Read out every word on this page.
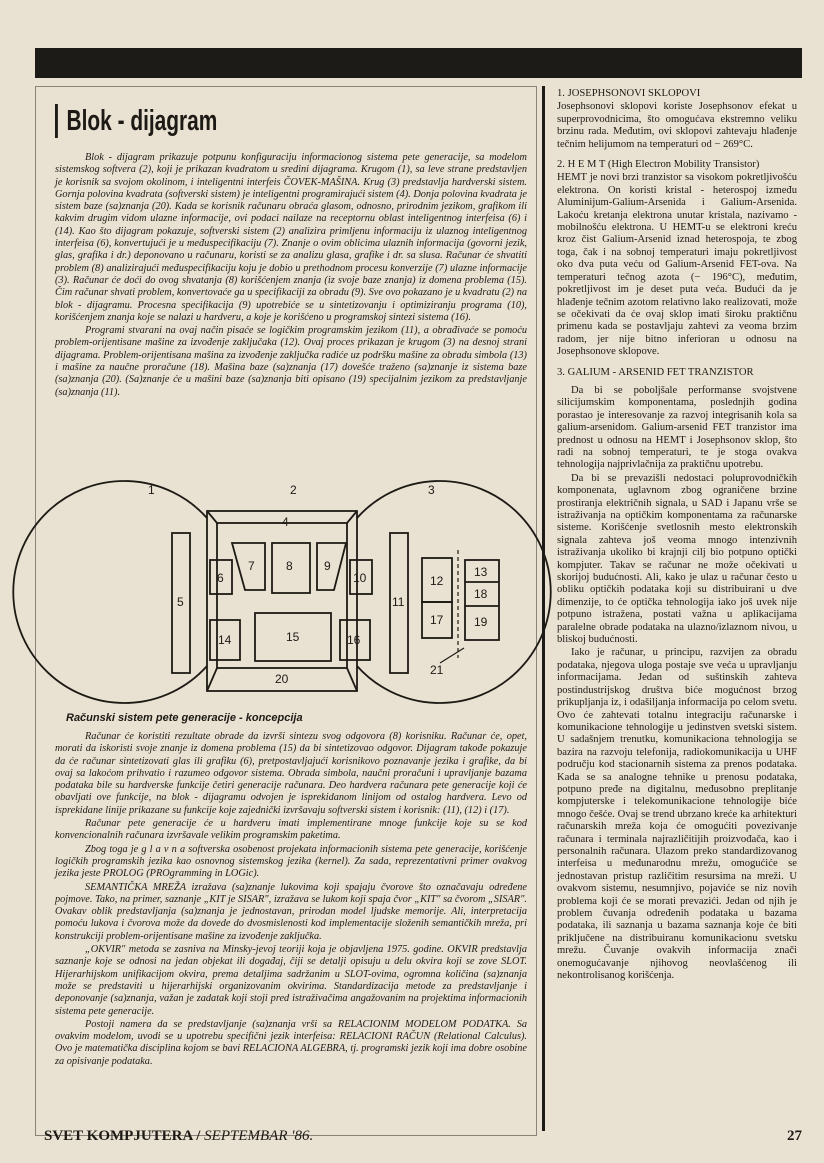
Blok - dijagram

Blok - dijagram prikazuje potpunu konfiguraciju informacionog sistema pete generacije, sa modelom sistemskog softvera (2), koji je prikazan kvadratom u sredini dijagrama. Krugom (1), sa leve strane predstavljen je korisnik sa svojom okolinom, i inteligentni interfeis ČOVEK-MAŠINA. Krug (3) predstavlja hardverski sistem. Gornja polovina kvadrata (softverski sistem) je inteligentni programirajući sistem (4). Donja polovina kvadrata je sistem baze (sa)znanja (20). Kada se korisnik računaru obraća glasom, odnosno, prirodnim jezikom, grafikom ili kakvim drugim vidom ulazne informacije, ovi podaci nailaze na receptornu oblast inteligentnog interfeisa (6) i (14). Kao što dijagram pokazuje, softverski sistem (2) analizira primljenu informaciju iz ulaznog inteligentnog interfeisa (6), konvertujući je u međuspecifikaciju (7). Znanje o ovim oblicima ulaznih informacija (govorni jezik, glas, grafika i dr.) deponovano u računaru, koristi se za analizu glasa, grafike i dr. sa slusa. Računar će shvatiti problem (8) analizirajući međuspecifikaciju koju je dobio u prethodnom procesu konverzije (7) ulazne informacije (3). Računar će doći do ovog shvatanja (8) korišćenjem znanja (iz svoje baze znanja) iz domena problema (15). Čim računar shvati problem, konvertovaće ga u specifikaciji za obradu (9). Sve ovo pokazano je u kvadratu (2) na blok - dijagramu. Procesna specifikacija (9) upotrebiće se u sintetizovanju i optimiziranju programa (10), korišćenjem znanja koje se nalazi u hardveru, a koje je korišćeno u programskoj sintezi sistema (16).

Programi stvarani na ovaj način pisaće se logičkim programskim jezikom (11), a obrađivaće se pomoću problem-orijentisane mašine za izvođenje zaključaka (12). Ovaj proces prikazan je krugom (3) na desnoj strani dijagrama. Problem-orijentisana mašina za izvođenje zaključka radiće uz podršku mašine za obradu simbola (13) i mašine za naučne proračune (18). Mašina baze (sa)znanja (17) dovešće traženo (sa)znanje iz sistema baze (sa)znanja (20). (Sa)znanje će u mašini baze (sa)znanja biti opisano (19) specijalnim jezikom za predstavljanje (sa)znanja (11).

1	2	3
4
5
6
7	8	9
10
11
12
13
14	15	16
17
18
19
20
21
Računski sistem pete generacije - koncepcija

Računar će koristiti rezultate obrade da izvrši sintezu svog odgovora (8) korisniku. Računar će, opet, morati da iskoristi svoje znanje iz domena problema (15) da bi sintetizovao odgovor. Dijagram takođe pokazuje da će računar sintetizovati glas ili grafiku (6), pretpostavljajući korisnikovo poznavanje jezika i grafike, da bi ovaj sa lakoćom prihvatio i razumeo odgovor sistema. Obrada simbola, naučni proračuni i upravljanje bazama podataka bile su hardverske funkcije četiri generacije računara. Deo hardvera računara pete generacije koji će obavljati ove funkcije, na blok - dijagramu odvojen je isprekidanom linijom od ostalog hardvera. Levo od isprekidane linije prikazane su funkcije koje zajednički izvršavaju softverski sistem i korisnik: (11), (12) i (17).

Računar pete generacije će u hardveru imati implementirane mnoge funkcije koje su se kod konvencionalnih računara izvršavale velikim programskim paketima.

Zbog toga je g l a v n a softverska osobenost projekata informacionih sistema pete generacije, korišćenje logičkih programskih jezika kao osnovnog sistemskog jezika (kernel). Za sada, reprezentativni primer ovakvog jezika jeste PROLOG (PROgramming in LOGic).

SEMANTIČKA MREŽA izražava (sa)znanje lukovima koji spajaju čvorove što označavaju određene pojmove. Tako, na primer, saznanje „KIT je SISAR", izražava se lukom koji spaja čvor „KIT" sa čvorom „SISAR". Ovakav oblik predstavljanja (sa)znanja je jednostavan, prirodan model ljudske memorije. Ali, interpretacija pomoću lukova i čvorova može da dovede do dvosmislenosti kod implementacije složenih semantičkih mreža, pri konstrukciji problem-orijentisane mašine za izvođenje zaključka.

„OKVIR" metoda se zasniva na Minsky-jevoj teoriji koja je objavljena 1975. godine. OKVIR predstavlja saznanje koje se odnosi na jedan objekat ili događaj, čiji se detalji opisuju u delu okvira koji se zove SLOT. Hijerarhijskom unifikacijom okvira, prema detaljima sadržanim u SLOT-ovima, ogromna količina (sa)znanja može se predstaviti u hijerarhijski organizovanim okvirima. Standardizacija metode za predstavljanje i deponovanje (sa)znanja, važan je zadatak koji stoji pred istraživačima angažovanim na projektima informacionih sistema pete generacije.

Postoji namera da se predstavljanje (sa)znanja vrši sa RELACIONIM MODELOM PODATKA. Sa ovakvim modelom, uvodi se u upotrebu specifični jezik interfeisa: RELACIONI RAČUN (Relational Calculus). Ovo je matematička disciplina kojom se bavi RELACIONA ALGEBRA, tj. programski jezik koji ima dobre osobine za opisivanje podataka.

1. JOSEPHSONOVI SKLOPOVI

Josephsonovi sklopovi koriste Josephsonov efekat u superprovodnicima, što omogućava ekstremno veliku brzinu rada. Međutim, ovi sklopovi zahtevaju hlađenje tečnim helijumom na temperaturi od − 269°C.

2. H E M T (High Electron Mobility Transistor)

HEMT je novi brzi tranzistor sa visokom pokretljivošću elektrona. On koristi kristal - heterospoj između Aluminijum-Galium-Arsenida i Galium-Arsenida. Lakoću kretanja elektrona unutar kristala, nazivamo - mobilnošću elektrona. U HEMT-u se elektroni kreću kroz čist Galium-Arsenid iznad heterospoja, te zbog toga, čak i na sobnoj temperaturi imaju pokretljivost oko dva puta veću od Galium-Arsenid FET-ova. Na temperaturi tečnog azota (− 196°C), međutim, pokretljivost im je deset puta veća. Budući da je hlađenje tečnim azotom relativno lako realizovati, može se očekivati da će ovaj sklop imati široku praktičnu primenu kada se postavljaju zahtevi za veoma brzim radom, jer nije bitno inferioran u odnosu na Josephsonove sklopove.

3. GALIUM - ARSENID FET TRANZISTOR

Da bi se poboljšale performanse svojstvene silicijumskim komponentama, poslednjih godina porastao je interesovanje za razvoj integrisanih kola sa galium-arsenidom. Galium-arsenid FET tranzistor ima prednost u odnosu na HEMT i Josephsonov sklop, što radi na sobnoj temperaturi, te je stoga ovakva tehnologija najprivlačnija za praktičnu upotrebu.

Da bi se prevazišli nedostaci poluprovodničkih komponenata, uglavnom zbog ograničene brzine prostiranja električnih signala, u SAD i Japanu vrše se istraživanja na optičkim komponentama za računarske sisteme. Korišćenje svetlosnih mesto elektronskih signala zahteva još veoma mnogo intenzivnih istraživanja ukoliko bi krajnji cilj bio potpuno optički kompjuter. Takav se računar ne može očekivati u skorijoj budućnosti. Ali, kako je ulaz u računar često u obliku optičkih podataka koji su distribuirani u dve dimenzije, to će optička tehnologija iako još uvek nije potpuno istražena, postati važna u aplikacijama paralelne obrade podataka na ulazno/izlaznom nivou, u bliskoj budućnosti.

Iako je računar, u principu, razvijen za obradu podataka, njegova uloga postaje sve veća u upravljanju informacijama. Jedan od suštinskih zahteva postindustrijskog društva biće mogućnost brzog prikupljanja iz, i odašiljanja informacija po celom svetu. Ovo će zahtevati totalnu integraciju računarske i komunikacione tehnologije u jedinstven svetski sistem. U sadašnjem trenutku, komunikaciona tehnologija se bazira na razvoju telefonija, radiokomunikacija u UHF području kod stacionarnih sistema za prenos podataka. Kada se sa analogne tehnike u prenosu podataka, potpuno pređe na digitalnu, međusobno preplitanje kompjuterske i telekomunikacione tehnologije biće mnogo češće. Ovaj se trend ubrzano kreće ka arhitekturi računarskih mreža koja će omogućiti povezivanje računara i terminala najrazličitijih proizvođača, kao i personalnih računara. Ulazom preko standardizovanog interfeisa u međunarodnu mrežu, omogućiće se jednostavan pristup različitim resursima na mreži. U ovakvom sistemu, nesumnjivo, pojaviće se niz novih problema koji će se morati prevazići. Jedan od njih je problem čuvanja određenih podataka u bazama podataka, ili saznanja u bazama saznanja koje će biti priključene na distribuiranu komunikacionu svetsku mrežu. Čuvanje ovakvih informacija znači onemogućavanje njihovog neovlašćenog ili nekontrolisanog korišćenja.

SVET KOMPJUTERA / SEPTEMBAR '86.	27
